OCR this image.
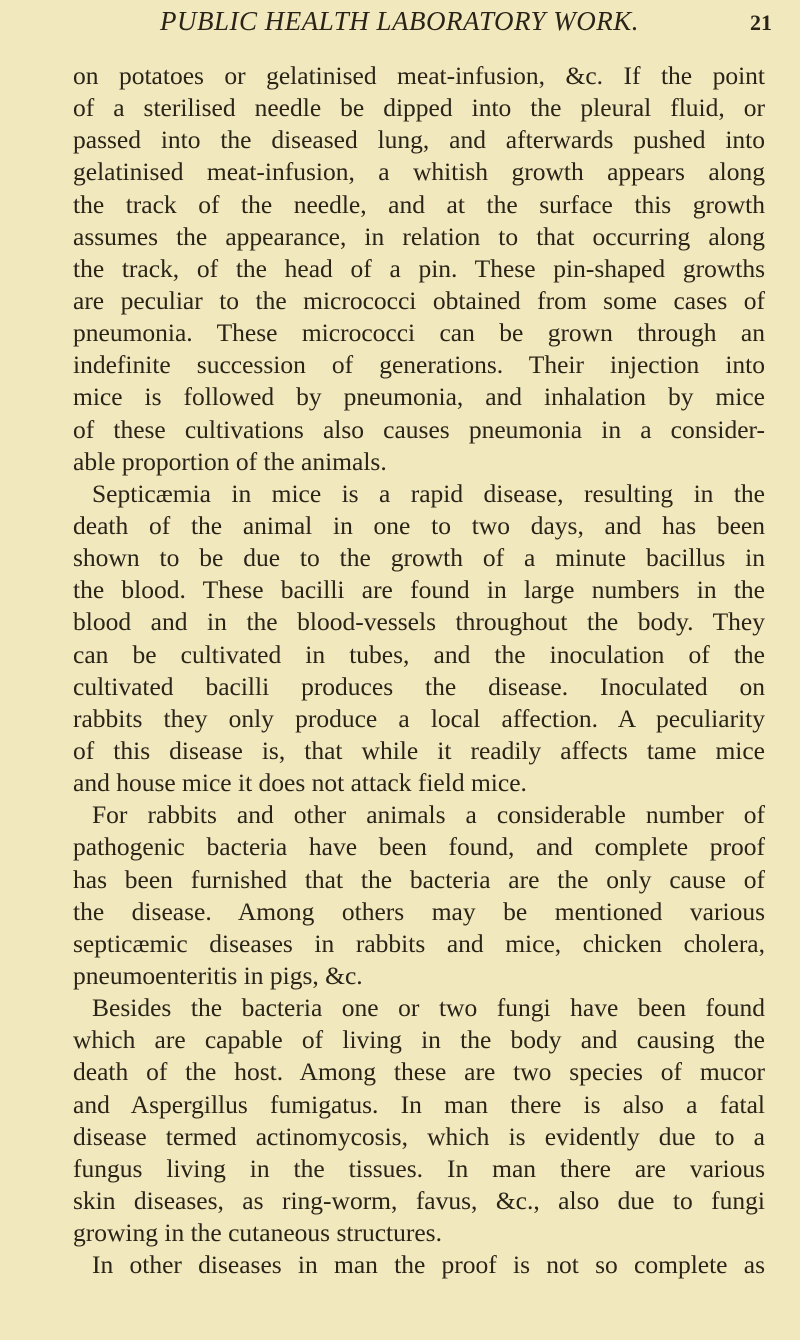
PUBLIC HEALTH LABORATORY WORK.	21
on potatoes or gelatinised meat-infusion, &c. If the point
of a sterilised needle be dipped into the pleural fluid, or
passed into the diseased lung, and afterwards pushed into
gelatinised meat-infusion, a whitish growth appears along
the track of the needle, and at the surface this growth
assumes the appearance, in relation to that occurring along
the track, of the head of a pin. These pin-shaped growths
are peculiar to the micrococci obtained from some cases of
pneumonia. These micrococci can be grown through an
indefinite succession of generations. Their injection into
mice is followed by pneumonia, and inhalation by mice
of these cultivations also causes pneumonia in a consider-
able proportion of the animals.
Septicæmia in mice is a rapid disease, resulting in the
death of the animal in one to two days, and has been
shown to be due to the growth of a minute bacillus in
the blood. These bacilli are found in large numbers in the
blood and in the blood-vessels throughout the body. They
can be cultivated in tubes, and the inoculation of the
cultivated bacilli produces the disease. Inoculated on
rabbits they only produce a local affection. A peculiarity
of this disease is, that while it readily affects tame mice
and house mice it does not attack field mice.
For rabbits and other animals a considerable number of
pathogenic bacteria have been found, and complete proof
has been furnished that the bacteria are the only cause of
the disease. Among others may be mentioned various
septicæmic diseases in rabbits and mice, chicken cholera,
pneumoenteritis in pigs, &c.
Besides the bacteria one or two fungi have been found
which are capable of living in the body and causing the
death of the host. Among these are two species of mucor
and Aspergillus fumigatus. In man there is also a fatal
disease termed actinomycosis, which is evidently due to a
fungus living in the tissues. In man there are various
skin diseases, as ring-worm, favus, &c., also due to fungi
growing in the cutaneous structures.
In other diseases in man the proof is not so complete as
